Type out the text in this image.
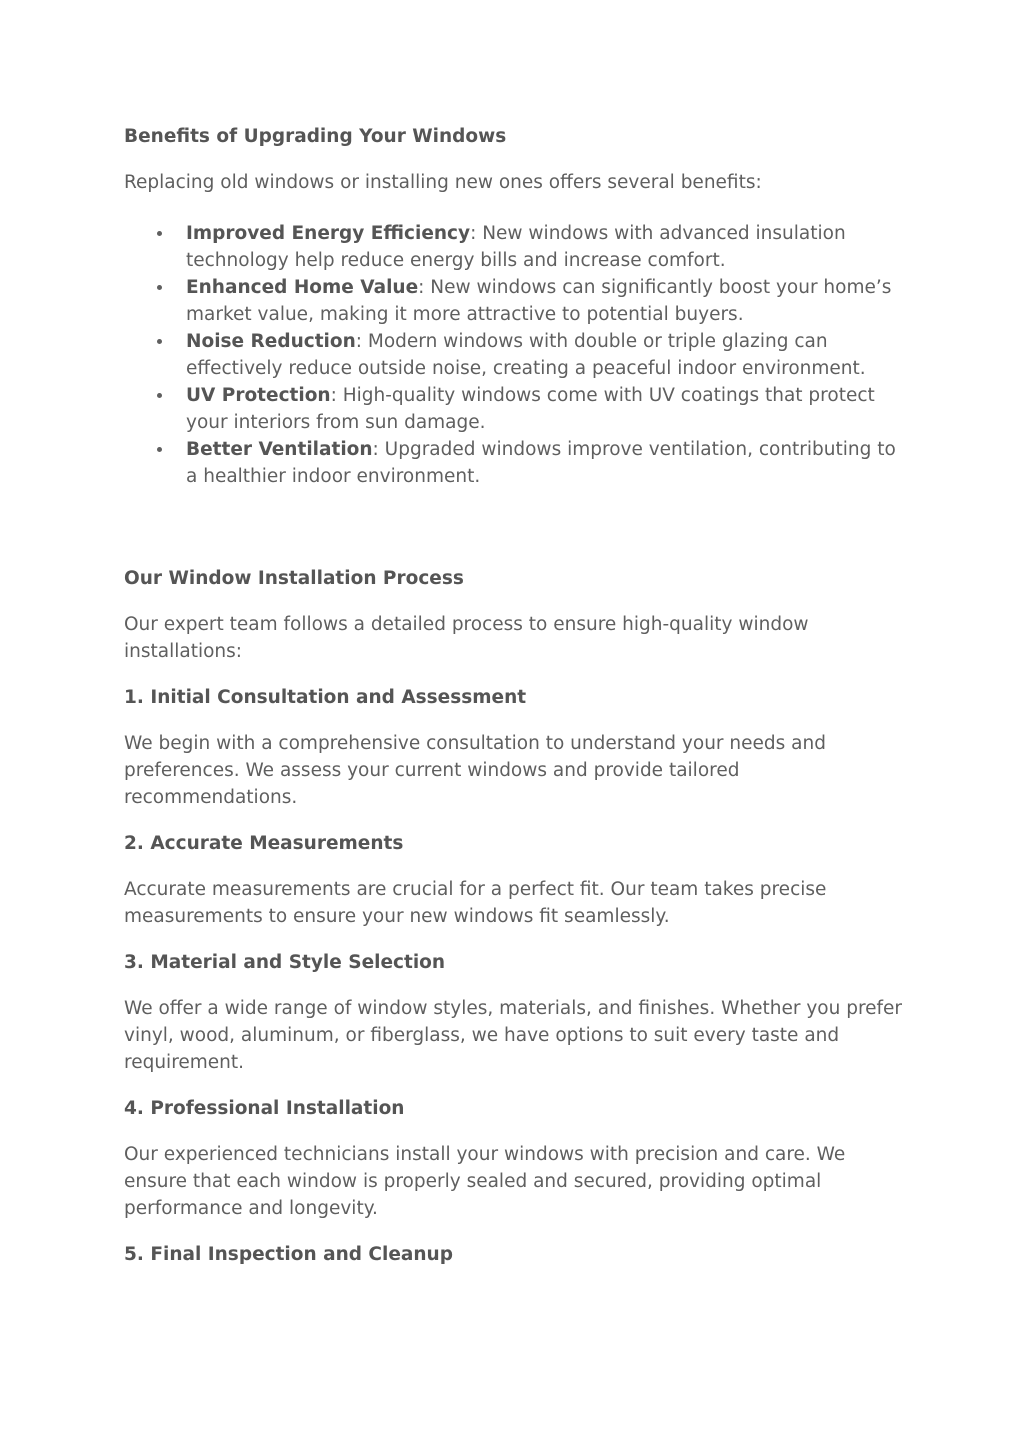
Benefits of Upgrading Your Windows

Replacing old windows or installing new ones offers several benefits:

Improved Energy Efficiency: New windows with advanced insulation technology help reduce energy bills and increase comfort.
Enhanced Home Value: New windows can significantly boost your home’s market value, making it more attractive to potential buyers.
Noise Reduction: Modern windows with double or triple glazing can effectively reduce outside noise, creating a peaceful indoor environment.
UV Protection: High-quality windows come with UV coatings that protect your interiors from sun damage.
Better Ventilation: Upgraded windows improve ventilation, contributing to a healthier indoor environment.
Our Window Installation Process

Our expert team follows a detailed process to ensure high-quality window installations:

1. Initial Consultation and Assessment

We begin with a comprehensive consultation to understand your needs and preferences. We assess your current windows and provide tailored recommendations.

2. Accurate Measurements

Accurate measurements are crucial for a perfect fit. Our team takes precise measurements to ensure your new windows fit seamlessly.

3. Material and Style Selection

We offer a wide range of window styles, materials, and finishes. Whether you prefer vinyl, wood, aluminum, or fiberglass, we have options to suit every taste and requirement.

4. Professional Installation

Our experienced technicians install your windows with precision and care. We ensure that each window is properly sealed and secured, providing optimal performance and longevity.

5. Final Inspection and Cleanup
